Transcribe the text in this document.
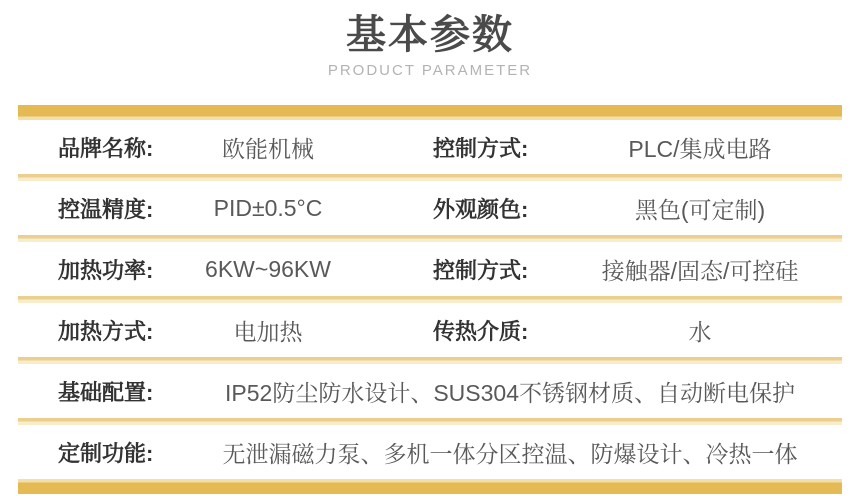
基本参数
PRODUCT PARAMETER
品牌名称:	欧能机械	控制方式:	PLC/集成电路
控温精度:	PID±0.5°C	外观颜色:	黑色(可定制)
加热功率:	6KW~96KW	控制方式:	接触器/固态/可控硅
加热方式:	电加热	传热介质:	水
基础配置:	IP52防尘防水设计、SUS304不锈钢材质、自动断电保护
定制功能:	无泄漏磁力泵、多机一体分区控温、防爆设计、冷热一体
